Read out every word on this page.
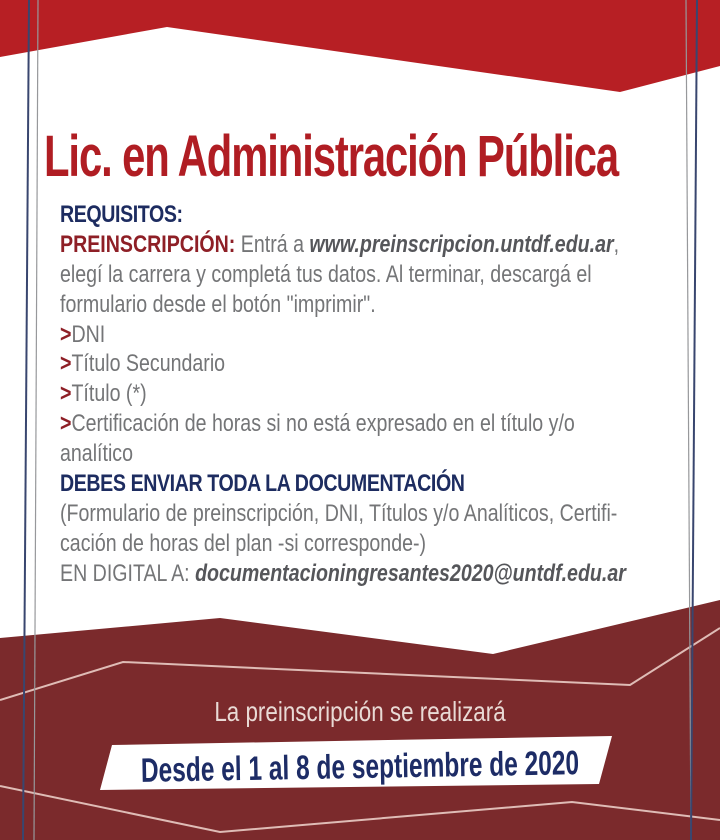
Lic. en Administración Pública
REQUISITOS:
PREINSCRIPCIÓN: Entrá a www.preinscripcion.untdf.edu.ar,
elegí la carrera y completá tus datos. Al terminar, descargá el
formulario desde el botón "imprimir".
>DNI
>Título Secundario
>Título (*)
>Certificación de horas si no está expresado en el título y/o
analítico
DEBES ENVIAR TODA LA DOCUMENTACIÓN
(Formulario de preinscripción, DNI, Títulos y/o Analíticos, Certifi-
cación de horas del plan -si corresponde-)
EN DIGITAL A: documentacioningresantes2020@untdf.edu.ar
La preinscripción se realizará
Desde el 1 al 8 de septiembre de 2020
